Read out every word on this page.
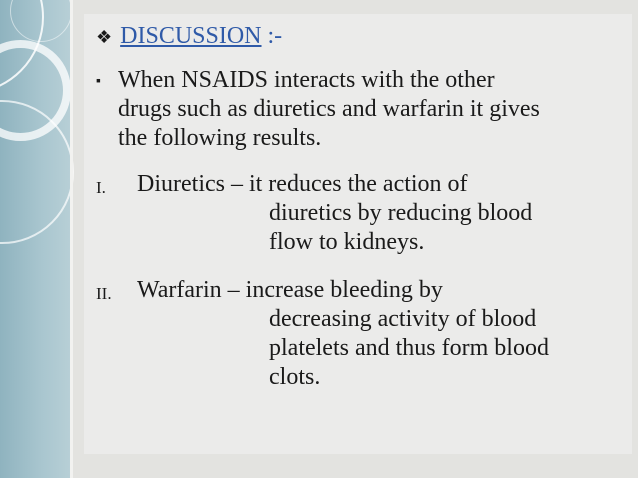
❖ DISCUSSION :-
▪ When NSAIDS interacts with the other
drugs such as diuretics and warfarin it gives
the following results.
I. Diuretics – it reduces the action of
diuretics by reducing blood
flow to kidneys.
II. Warfarin – increase bleeding by
decreasing activity of blood
platelets and thus form blood
clots.
